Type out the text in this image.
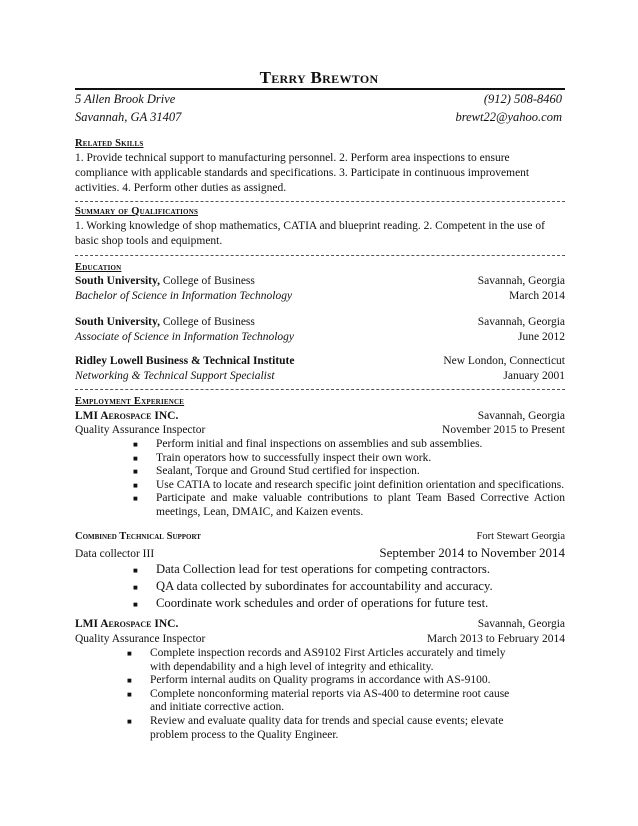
Terry Brewton
5 Allen Brook Drive	(912) 508-8460
Savannah, GA 31407	brewt22@yahoo.com
Related Skills
1. Provide technical support to manufacturing personnel. 2. Perform area inspections to ensure compliance with applicable standards and specifications. 3. Participate in continuous improvement activities. 4. Perform other duties as assigned.
Summary of Qualifications
1. Working knowledge of shop mathematics, CATIA and blueprint reading. 2. Competent in the use of basic shop tools and equipment.
Education
South University, College of Business	Savannah, Georgia
Bachelor of Science in Information Technology	March 2014
South University, College of Business	Savannah, Georgia
Associate of Science in Information Technology	June 2012
Ridley Lowell Business & Technical Institute	New London, Connecticut
Networking & Technical Support Specialist	January 2001
Employment Experience
LMI Aerospace INC.	Savannah, Georgia
Quality Assurance Inspector	November 2015 to Present
■ Perform initial and final inspections on assemblies and sub assemblies.
■ Train operators how to successfully inspect their own work.
■ Sealant, Torque and Ground Stud certified for inspection.
■ Use CATIA to locate and research specific joint definition orientation and specifications.
■ Participate and make valuable contributions to plant Team Based Corrective Action meetings, Lean, DMAIC, and Kaizen events.
Combined Technical Support	Fort Stewart Georgia
Data collector III	September 2014 to November 2014
■ Data Collection lead for test operations for competing contractors.
■ QA data collected by subordinates for accountability and accuracy.
■ Coordinate work schedules and order of operations for future test.
LMI Aerospace INC.	Savannah, Georgia
Quality Assurance Inspector	March 2013 to February 2014
■ Complete inspection records and AS9102 First Articles accurately and timely with dependability and a high level of integrity and ethicality.
■ Perform internal audits on Quality programs in accordance with AS-9100.
■ Complete nonconforming material reports via AS-400 to determine root cause and initiate corrective action.
■ Review and evaluate quality data for trends and special cause events; elevate problem process to the Quality Engineer.
